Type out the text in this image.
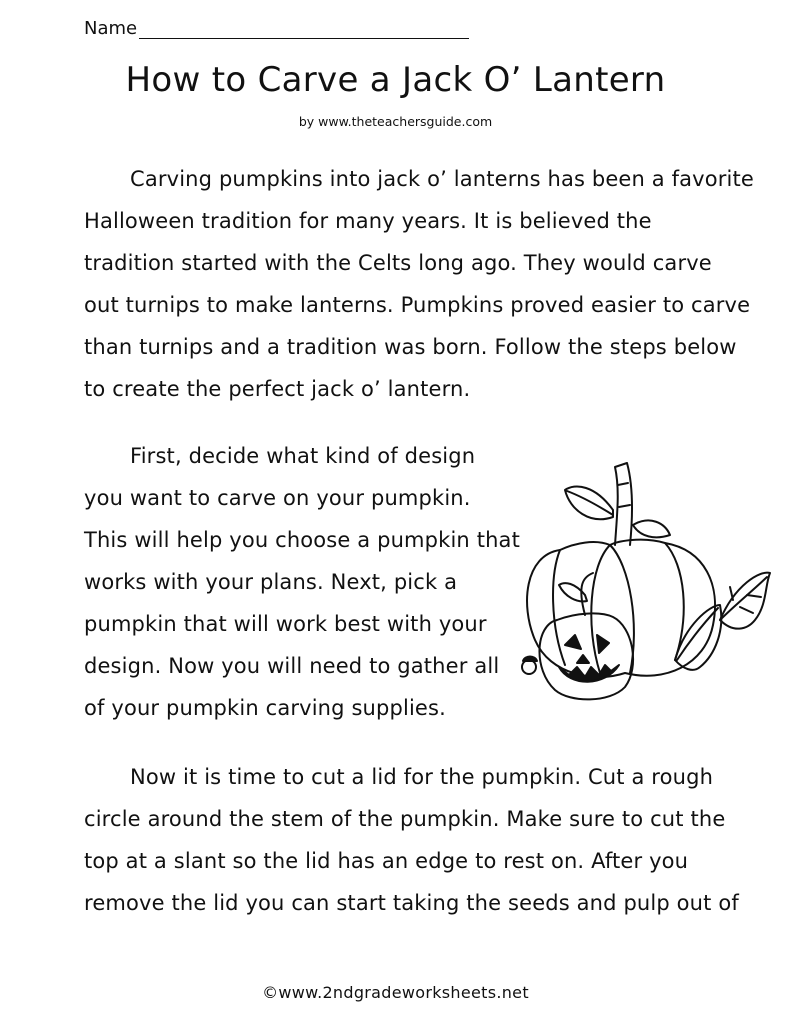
Name
How to Carve a Jack O’ Lantern
by www.theteachersguide.com
Carving pumpkins into jack o’ lanterns has been a favorite
Halloween tradition for many years. It is believed the
tradition started with the Celts long ago. They would carve
out turnips to make lanterns. Pumpkins proved easier to carve
than turnips and a tradition was born. Follow the steps below
to create the perfect jack o’ lantern.
First, decide what kind of design
you want to carve on your pumpkin.
This will help you choose a pumpkin that
works with your plans. Next, pick a
pumpkin that will work best with your
design. Now you will need to gather all
of your pumpkin carving supplies.
Now it is time to cut a lid for the pumpkin. Cut a rough
circle around the stem of the pumpkin. Make sure to cut the
top at a slant so the lid has an edge to rest on. After you
remove the lid you can start taking the seeds and pulp out of
©www.2ndgradeworksheets.net
